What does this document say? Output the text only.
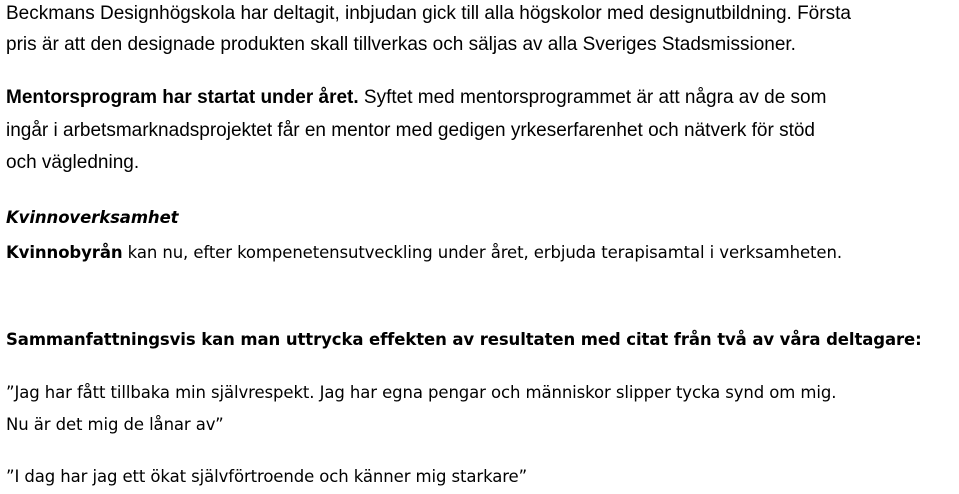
Beckmans Designhögskola har deltagit, inbjudan gick till alla högskolor med designutbildning. Första
pris är att den designade produkten skall tillverkas och säljas av alla Sveriges Stadsmissioner.
Mentorsprogram har startat under året. Syftet med mentorsprogrammet är att några av de som
ingår i arbetsmarknadsprojektet får en mentor med gedigen yrkeserfarenhet och nätverk för stöd
och vägledning.
Kvinnoverksamhet
Kvinnobyrån kan nu, efter kompenetensutveckling under året, erbjuda terapisamtal i verksamheten.
Sammanfattningsvis kan man uttrycka effekten av resultaten med citat från två av våra deltagare:
”Jag har fått tillbaka min självrespekt. Jag har egna pengar och människor slipper tycka synd om mig.
Nu är det mig de lånar av”
”I dag har jag ett ökat självförtroende och känner mig starkare”
